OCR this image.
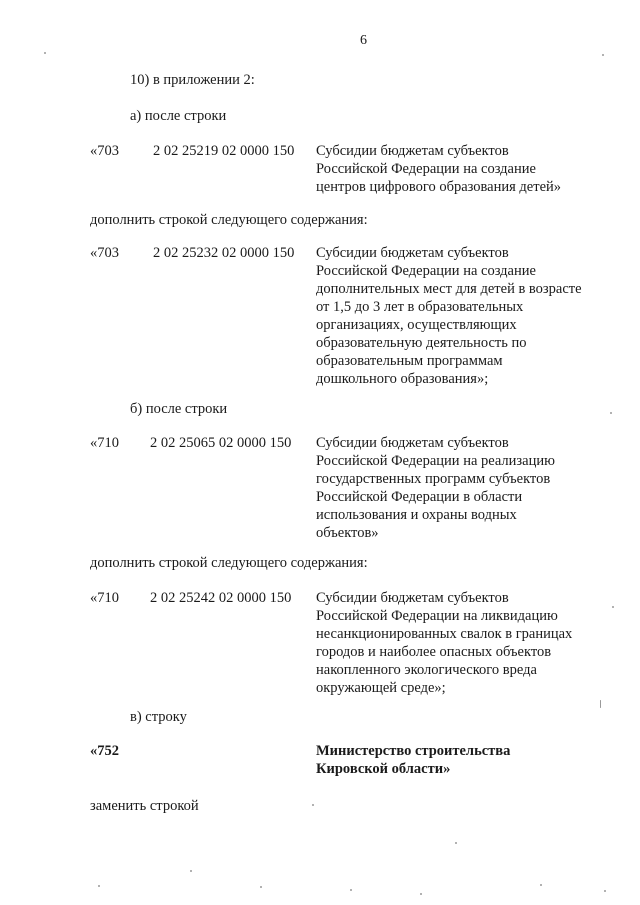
6
10) в приложении 2:
а) после строки
«703 2 02 25219 02 0000 150 Субсидии бюджетам субъектов
Российской Федерации на создание
центров цифрового образования детей»
дополнить строкой следующего содержания:
«703 2 02 25232 02 0000 150 Субсидии бюджетам субъектов
Российской Федерации на создание
дополнительных мест для детей в возрасте
от 1,5 до 3 лет в образовательных
организациях, осуществляющих
образовательную деятельность по
образовательным программам
дошкольного образования»;
б) после строки
«710 2 02 25065 02 0000 150 Субсидии бюджетам субъектов
Российской Федерации на реализацию
государственных программ субъектов
Российской Федерации в области
использования и охраны водных
объектов»
дополнить строкой следующего содержания:
«710 2 02 25242 02 0000 150 Субсидии бюджетам субъектов
Российской Федерации на ликвидацию
несанкционированных свалок в границах
городов и наиболее опасных объектов
накопленного экологического вреда
окружающей среде»;
в) строку
«752	Министерство строительства
Кировской области»
заменить строкой
